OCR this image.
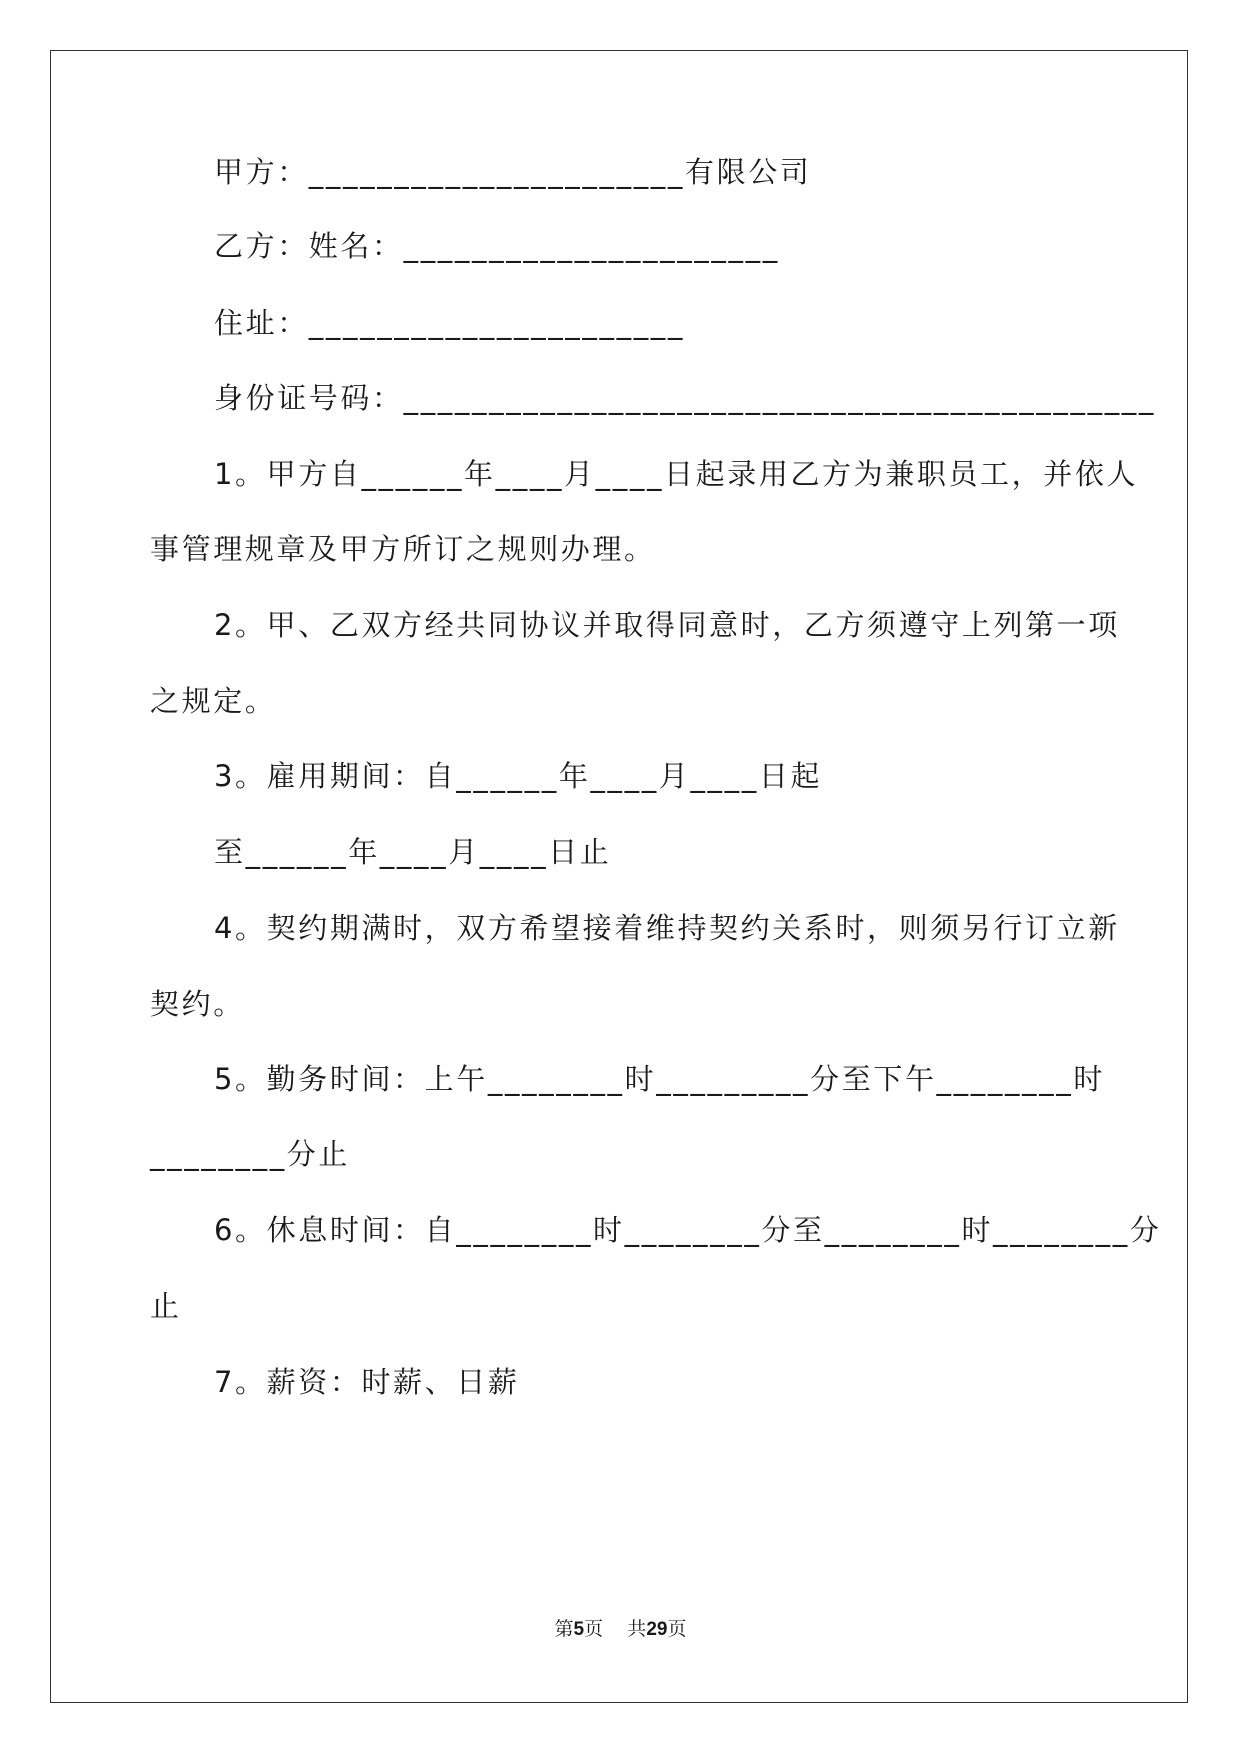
甲方：______________________有限公司
乙方：姓名：______________________
住址：______________________
身份证号码：____________________________________________
1。甲方自______年____月____日起录用乙方为兼职员工，并依人
事管理规章及甲方所订之规则办理。
2。甲、乙双方经共同协议并取得同意时，乙方须遵守上列第一项
之规定。
3。雇用期间：自______年____月____日起
至______年____月____日止
4。契约期满时，双方希望接着维持契约关系时，则须另行订立新
契约。
5。勤务时间：上午________时_________分至下午________时
________分止
6。休息时间：自________时________分至________时________分
止
7。薪资：时薪、日薪
第5页 共29页
